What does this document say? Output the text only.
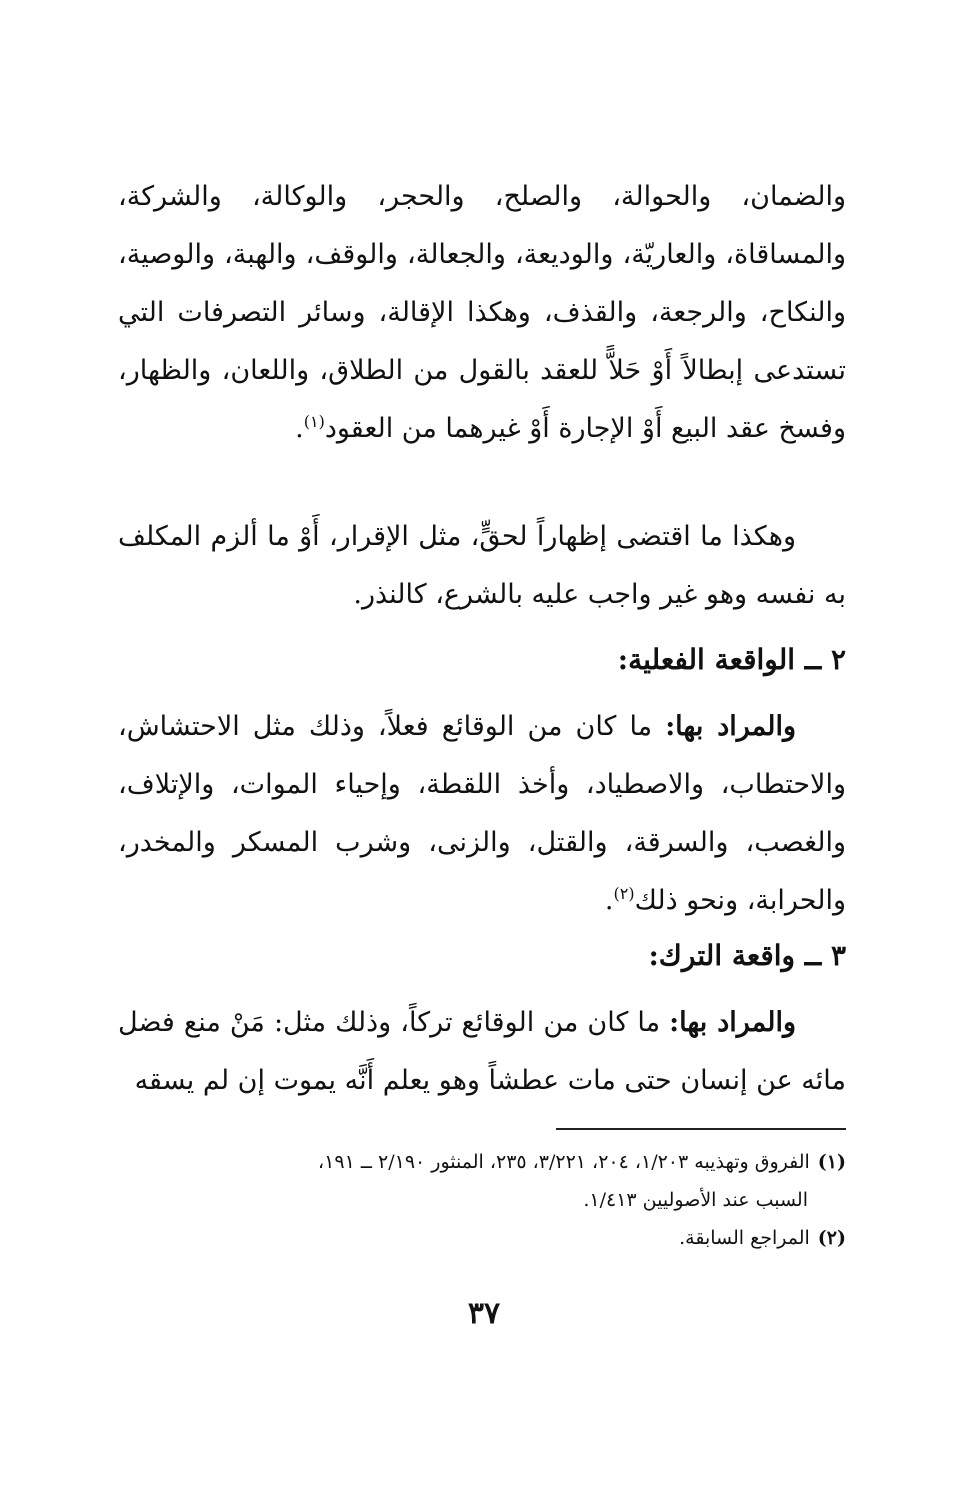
والضمان، والحوالة، والصلح، والحجر، والوكالة، والشركة، والمساقاة، والعاريّة، والوديعة، والجعالة، والوقف، والهبة، والوصية، والنكاح، والرجعة، والقذف، وهكذا الإقالة، وسائر التصرفات التي تستدعى إبطالاً أَوْ حَلاًّ للعقد بالقول من الطلاق، واللعان، والظهار، وفسخ عقد البيع أَوْ الإجارة أَوْ غيرهما من العقود$^{(١)}$.

وهكذا ما اقتضى إظهاراً لحقٍّ، مثل الإقرار، أَوْ ما ألزم المكلف به نفسه وهو غير واجب عليه بالشرع، كالنذر.

٢ ــ الواقعة الفعلية:

والمراد بها: ما كان من الوقائع فعلاً، وذلك مثل الاحتشاش، والاحتطاب، والاصطياد، وأخذ اللقطة، وإحياء الموات، والإتلاف، والغصب، والسرقة، والقتل، والزنى، وشرب المسكر والمخدر، والحرابة، ونحو ذلك$^{(٢)}$.

٣ ــ واقعة الترك:

والمراد بها: ما كان من الوقائع تركاً، وذلك مثل: مَنْ منع فضل مائه عن إنسان حتى مات عطشاً وهو يعلم أَنَّه يموت إن لم يسقه

(١)الفروق وتهذيبه ١/٢٠٣، ٢٠٤، ٣/٢٢١، ٢٣٥، المنثور ٢/١٩٠ ــ ١٩١،

السبب عند الأصوليين ١/٤١٣.

(٢)المراجع السابقة.

٣٧
